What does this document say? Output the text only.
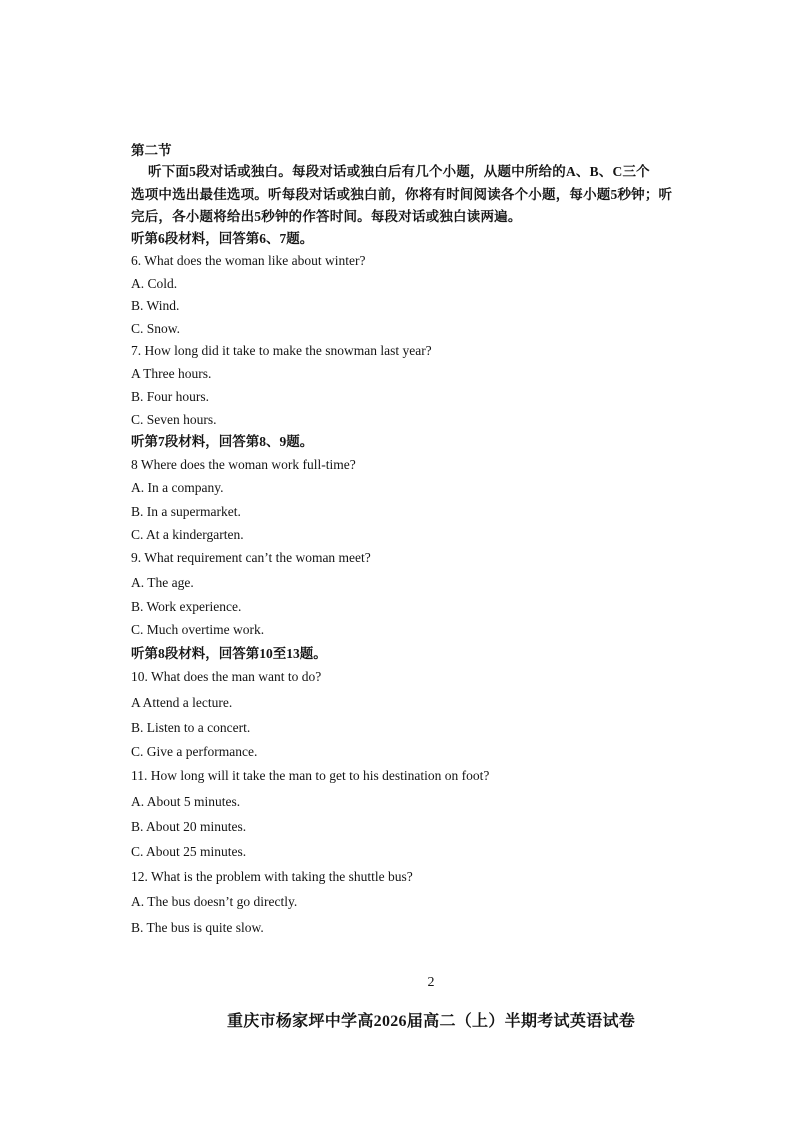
第二节
听下面5段对话或独白。每段对话或独白后有几个小题，从题中所给的A、B、C三个
选项中选出最佳选项。听每段对话或独白前，你将有时间阅读各个小题，每小题5秒钟；听
完后，各小题将给出5秒钟的作答时间。每段对话或独白读两遍。
听第6段材料，回答第6、7题。
6. What does the woman like about winter?
A. Cold.
B. Wind.
C. Snow.
7. How long did it take to make the snowman last year?
A Three hours.
B. Four hours.
C. Seven hours.
听第7段材料，回答第8、9题。
8 Where does the woman work full-time?
A. In a company.
B. In a supermarket.
C. At a kindergarten.
9. What requirement can’t the woman meet?
A. The age.
B. Work experience.
C. Much overtime work.
听第8段材料，回答第10至13题。
10. What does the man want to do?
A Attend a lecture.
B. Listen to a concert.
C. Give a performance.
11. How long will it take the man to get to his destination on foot?
A. About 5 minutes.
B. About 20 minutes.
C. About 25 minutes.
12. What is the problem with taking the shuttle bus?
A. The bus doesn’t go directly.
B. The bus is quite slow.
2
重庆市杨家坪中学高2026届高二（上）半期考试英语试卷
